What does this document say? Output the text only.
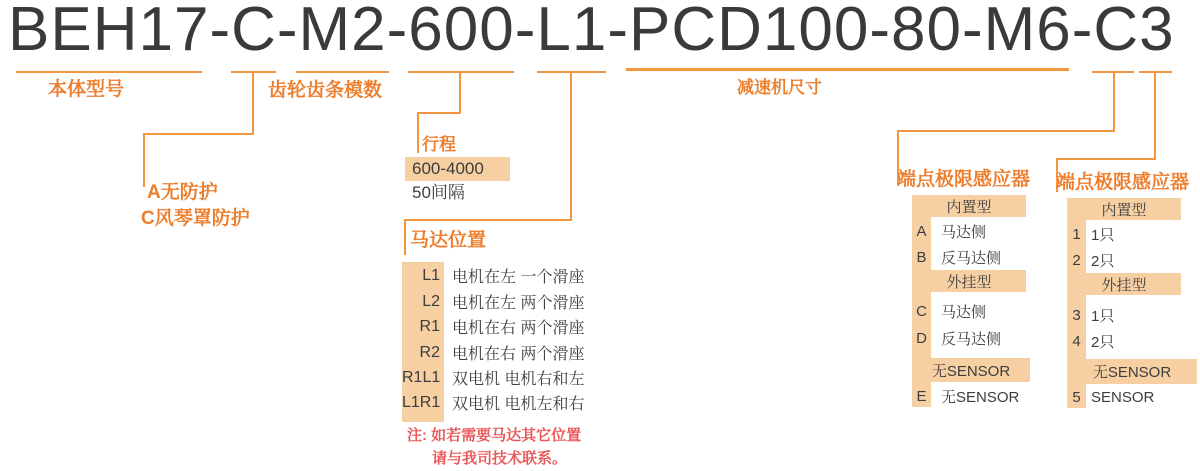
BEH17-C-M2-600-L1-PCD100-80-M6-C3
本体型号	齿轮齿条模数
A无防护
C风琴罩防护
行程
马达位置
减速机尺寸
端点极限感应器 端点极限感应器
600-4000
50间隔
L1 电机在左 一个滑座
L2 电机在左 两个滑座
R1 电机在右 两个滑座
R2 电机在右 两个滑座
R1L1 双电机 电机右和左
L1R1 双电机 电机左和右
注: 如若需要马达其它位置
请与我司技术联系。
内置型
A 马达侧
B 反马达侧
外挂型
C 马达侧
D 反马达侧
无SENSOR
E 无SENSOR
内置型
1 1只
2 2只
外挂型
3 1只
4 2只
无SENSOR
5 SENSOR
